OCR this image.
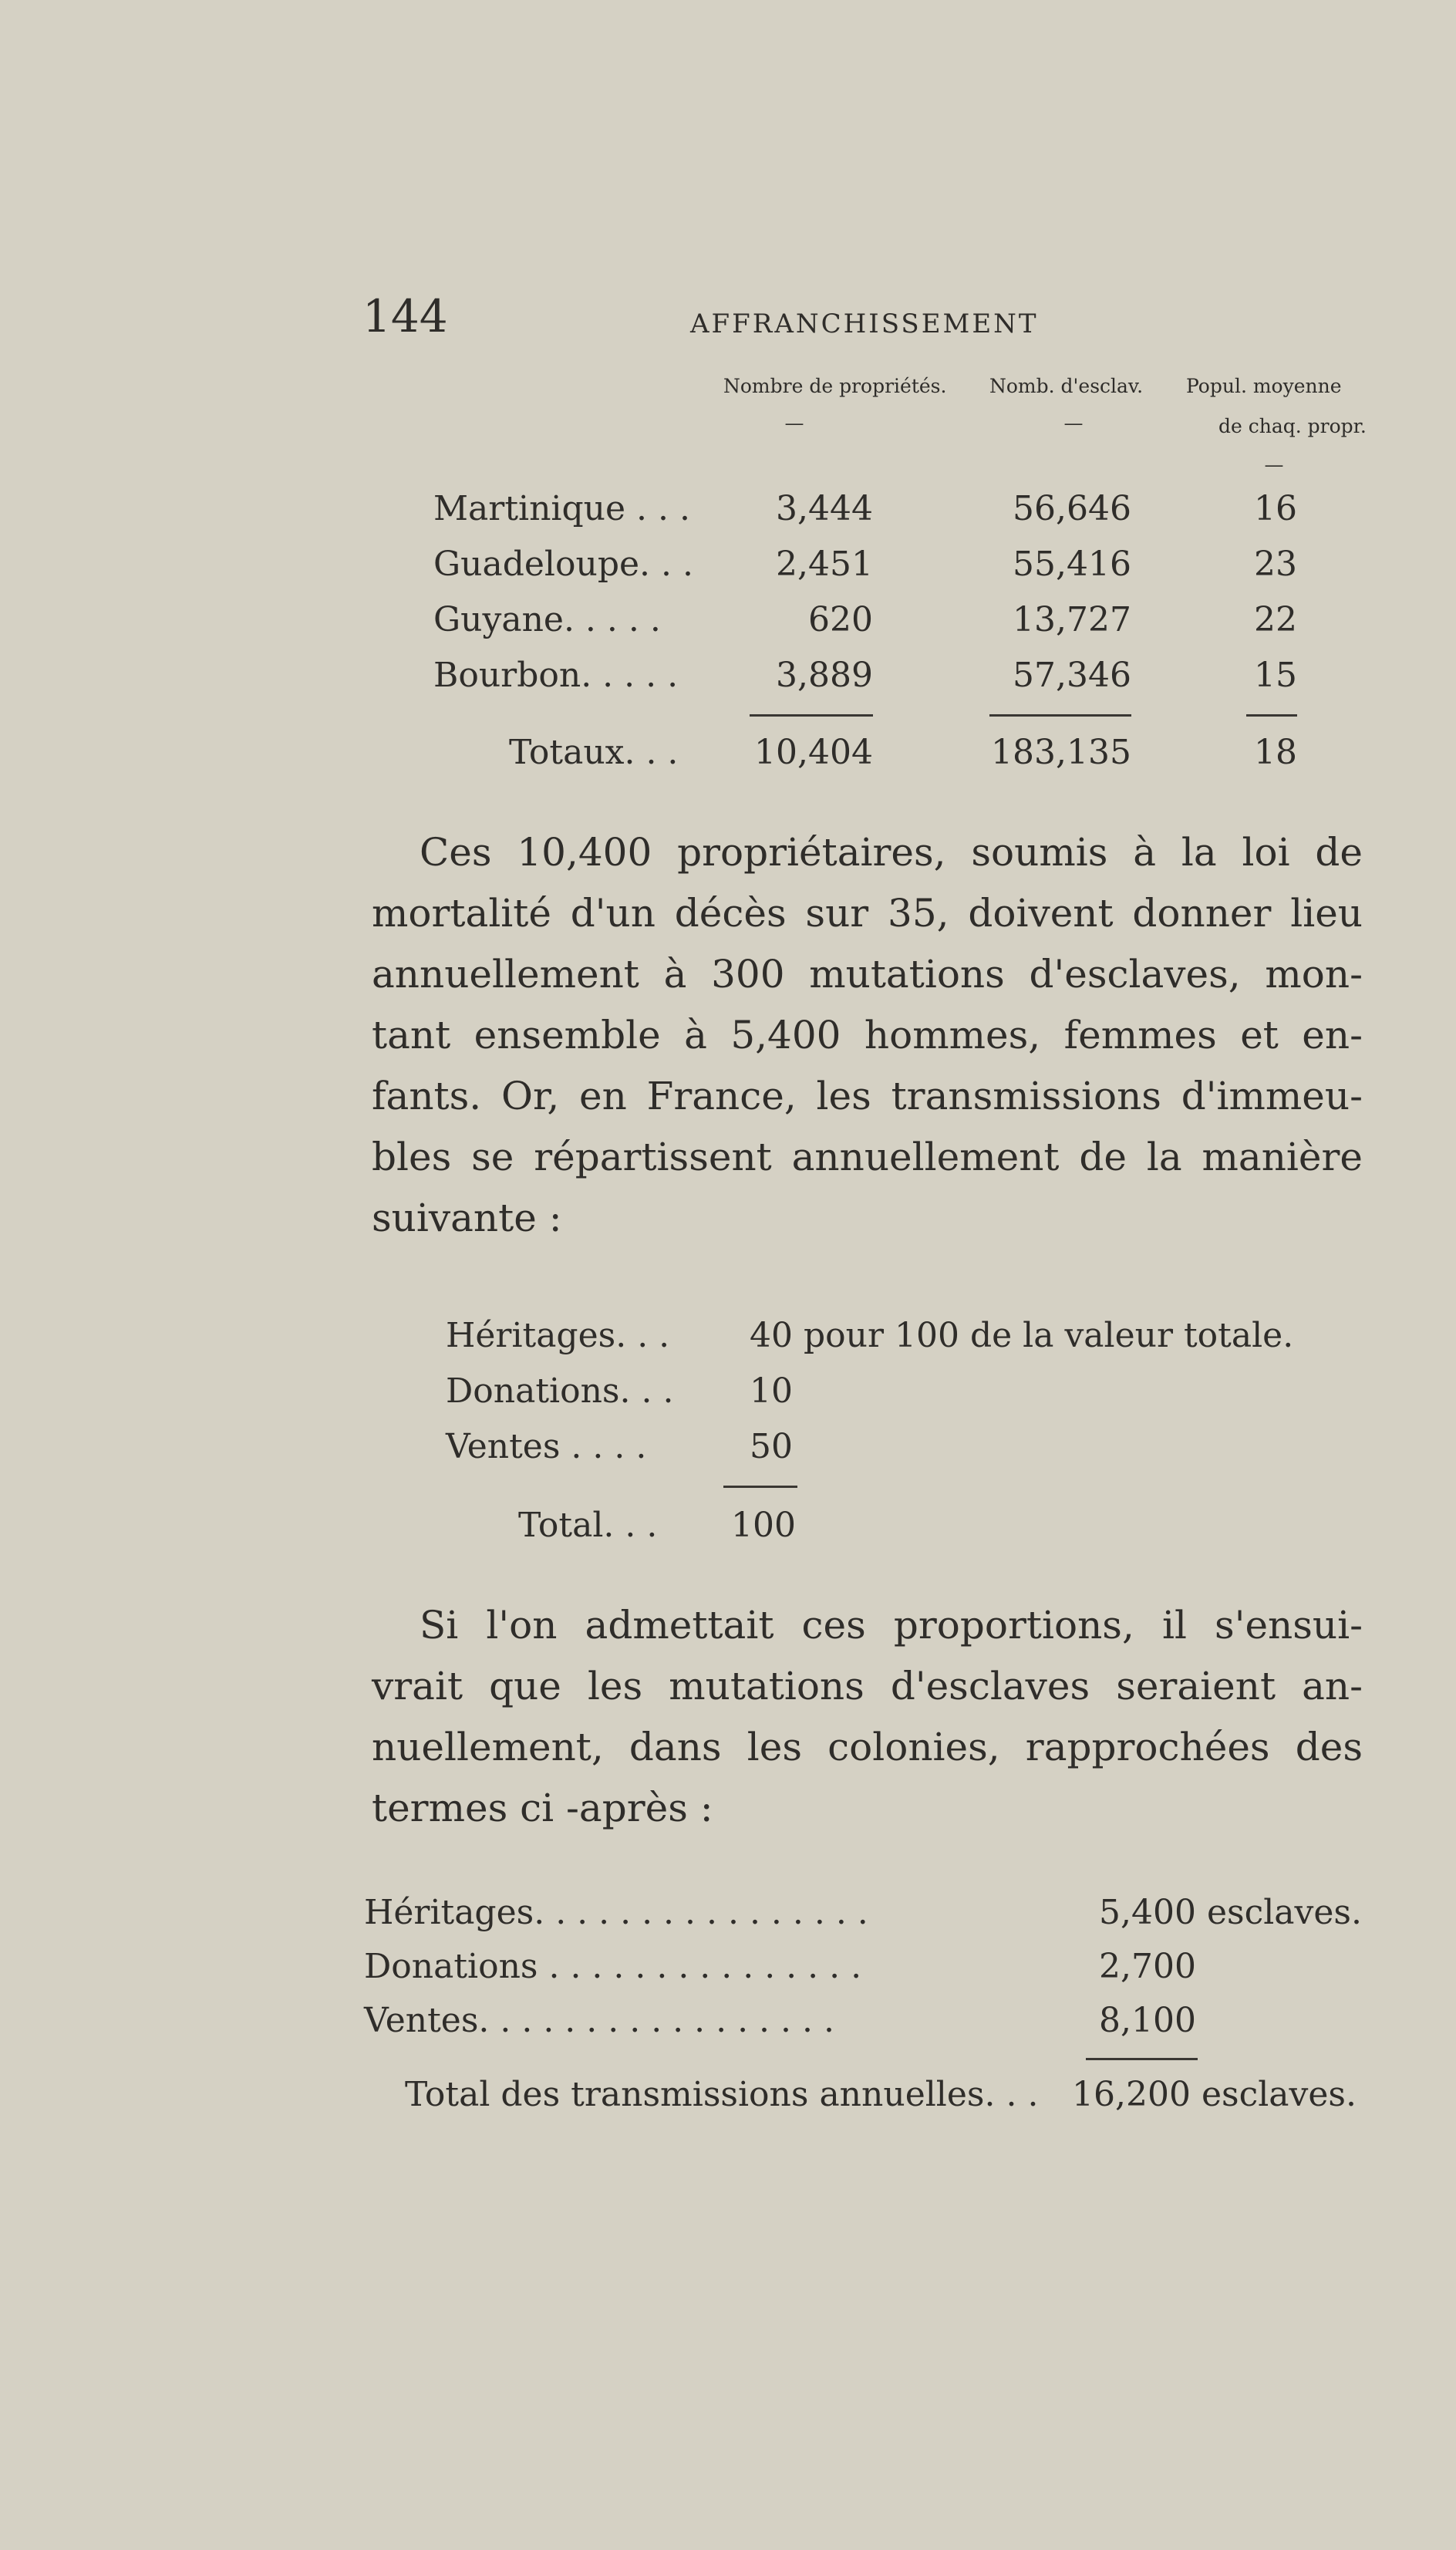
144	AFFRANCHISSEMENT
Nombre de propriétés. Nomb. d'esclav. Popul. moyenne
de chaq. propr.
—	—
—
Martinique . . .	3,444	56,646	16
Guadeloupe. . .	2,451	55,416	23
Guyane. . . . .	620	13,727	22
Bourbon. . . . .	3,889	57,346	15
Totaux. . .	10,404	183,135	18
Ces 10,400 propriétaires, soumis à la loi de
mortalité d'un décès sur 35, doivent donner lieu
annuellement à 300 mutations d'esclaves, mon-
tant ensemble à 5,400 hommes, femmes et en-
fants. Or, en France, les transmissions d'immeu-
bles se répartissent annuellement de la manière
suivante :
Héritages. . . 40 pour 100 de la valeur totale.
Donations. . . 10
Ventes . . . .	50
Total. . . 100
Si l'on admettait ces proportions, il s'ensui-
vrait que les mutations d'esclaves seraient an-
nuellement, dans les colonies, rapprochées des
termes ci -après :
Héritages. . . . . . . . . . . . . . . .	5,400 esclaves.
Donations . . . . . . . . . . . . . . .	2,700
Ventes. . . . . . . . . . . . . . . . .	8,100
Total des transmissions annuelles. . . 16,200 esclaves.
